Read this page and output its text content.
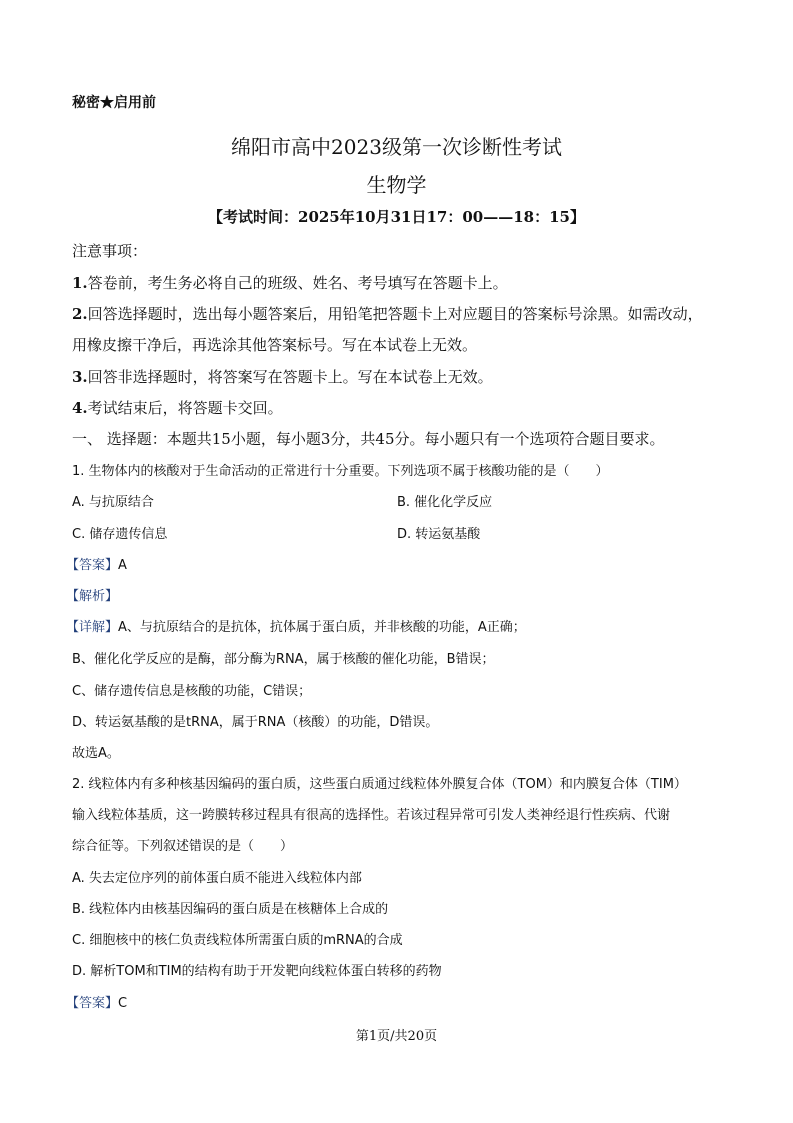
秘密★启用前
绵阳市高中2023级第一次诊断性考试
生物学
【考试时间：2025年10月31日17：00——18：15】
注意事项：
1.答卷前，考生务必将自己的班级、姓名、考号填写在答题卡上。
2.回答选择题时，选出每小题答案后，用铅笔把答题卡上对应题目的答案标号涂黑。如需改动，
用橡皮擦干净后，再选涂其他答案标号。写在本试卷上无效。
3.回答非选择题时，将答案写在答题卡上。写在本试卷上无效。
4.考试结束后，将答题卡交回。
一、 选择题：本题共15小题，每小题3分，共45分。每小题只有一个选项符合题目要求。
1. 生物体内的核酸对于生命活动的正常进行十分重要。下列选项不属于核酸功能的是（　　）
A. 与抗原结合	B. 催化化学反应
C. 储存遗传信息	D. 转运氨基酸
【答案】A
【解析】
【详解】A、与抗原结合的是抗体，抗体属于蛋白质，并非核酸的功能，A正确；
B、催化化学反应的是酶，部分酶为RNA，属于核酸的催化功能，B错误；
C、储存遗传信息是核酸的功能，C错误；
D、转运氨基酸的是tRNA，属于RNA（核酸）的功能，D错误。
故选A。
2. 线粒体内有多种核基因编码的蛋白质，这些蛋白质通过线粒体外膜复合体（TOM）和内膜复合体（TIM）
输入线粒体基质，这一跨膜转移过程具有很高的选择性。若该过程异常可引发人类神经退行性疾病、代谢
综合征等。下列叙述错误的是（　　）
A. 失去定位序列的前体蛋白质不能进入线粒体内部
B. 线粒体内由核基因编码的蛋白质是在核糖体上合成的
C. 细胞核中的核仁负责线粒体所需蛋白质的mRNA的合成
D. 解析TOM和TIM的结构有助于开发靶向线粒体蛋白转移的药物
【答案】C
第1页/共20页
